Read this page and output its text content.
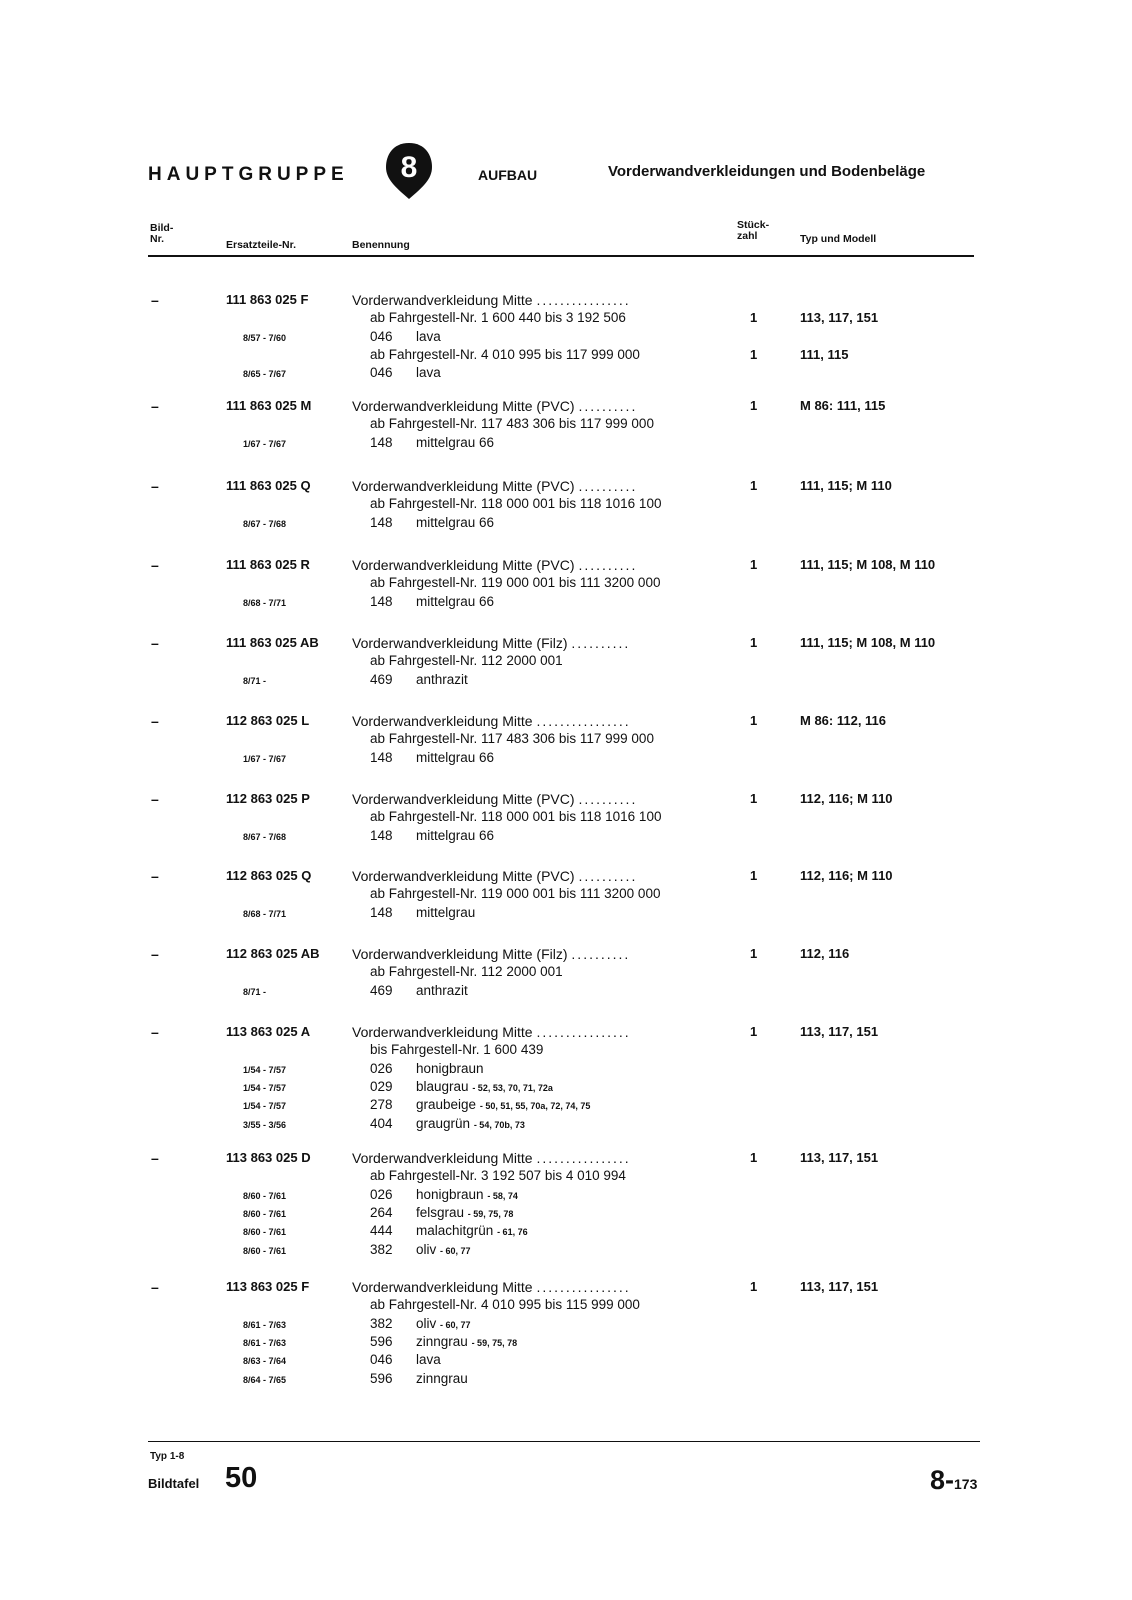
HAUPTGRUPPE 8	AUFBAU	Vorderwandverkleidungen und Bodenbeläge
Bild-
Nr.	Ersatzteile-Nr.	Benennung
Stück-
zahl	Typ und Modell
–	111 863 025 F	Vorderwandverkleidung Mitte ................
ab Fahrgestell-Nr. 1 600 440 bis 3 192 506	1	113, 117, 151
8/57 - 7/60	046 lava
ab Fahrgestell-Nr. 4 010 995 bis 117 999 000	1	111, 115
8/65 - 7/67	046 lava
–	111 863 025 M	Vorderwandverkleidung Mitte (PVC) ..........	1	M 86: 111, 115
ab Fahrgestell-Nr. 117 483 306 bis 117 999 000
1/67 - 7/67	148 mittelgrau 66
–	111 863 025 Q	Vorderwandverkleidung Mitte (PVC) ..........	1	111, 115; M 110
ab Fahrgestell-Nr. 118 000 001 bis 118 1016 100
8/67 - 7/68	148 mittelgrau 66
–	111 863 025 R	Vorderwandverkleidung Mitte (PVC) ..........	1	111, 115; M 108, M 110
ab Fahrgestell-Nr. 119 000 001 bis 111 3200 000
8/68 - 7/71	148 mittelgrau 66
–	111 863 025 AB Vorderwandverkleidung Mitte (Filz) ..........	1	111, 115; M 108, M 110
ab Fahrgestell-Nr. 112 2000 001
8/71 -	469 anthrazit
–	112 863 025 L	Vorderwandverkleidung Mitte ................	1	M 86: 112, 116
ab Fahrgestell-Nr. 117 483 306 bis 117 999 000
1/67 - 7/67	148 mittelgrau 66
–	112 863 025 P	Vorderwandverkleidung Mitte (PVC) ..........	1	112, 116; M 110
ab Fahrgestell-Nr. 118 000 001 bis 118 1016 100
8/67 - 7/68	148 mittelgrau 66
–	112 863 025 Q	Vorderwandverkleidung Mitte (PVC) ..........	1	112, 116; M 110
ab Fahrgestell-Nr. 119 000 001 bis 111 3200 000
8/68 - 7/71	148 mittelgrau
–	112 863 025 AB Vorderwandverkleidung Mitte (Filz) ..........	1	112, 116
ab Fahrgestell-Nr. 112 2000 001
8/71 -	469 anthrazit
–	113 863 025 A	Vorderwandverkleidung Mitte ................	1	113, 117, 151
bis Fahrgestell-Nr. 1 600 439
1/54 - 7/57	026 honigbraun
1/54 - 7/57	029 blaugrau - 52, 53, 70, 71, 72a
1/54 - 7/57	278 graubeige - 50, 51, 55, 70a, 72, 74, 75
3/55 - 3/56	404 graugrün - 54, 70b, 73
–	113 863 025 D	Vorderwandverkleidung Mitte ................	1	113, 117, 151
ab Fahrgestell-Nr. 3 192 507 bis 4 010 994
8/60 - 7/61	026 honigbraun - 58, 74
8/60 - 7/61	264 felsgrau - 59, 75, 78
8/60 - 7/61	444 malachitgrün - 61, 76
8/60 - 7/61	382 oliv - 60, 77
–	113 863 025 F	Vorderwandverkleidung Mitte ................	1	113, 117, 151
ab Fahrgestell-Nr. 4 010 995 bis 115 999 000
8/61 - 7/63	382 oliv - 60, 77
8/61 - 7/63	596 zinngrau - 59, 75, 78
8/63 - 7/64	046 lava
8/64 - 7/65	596 zinngrau
Typ 1-8
Bildtafel 50	8-173
